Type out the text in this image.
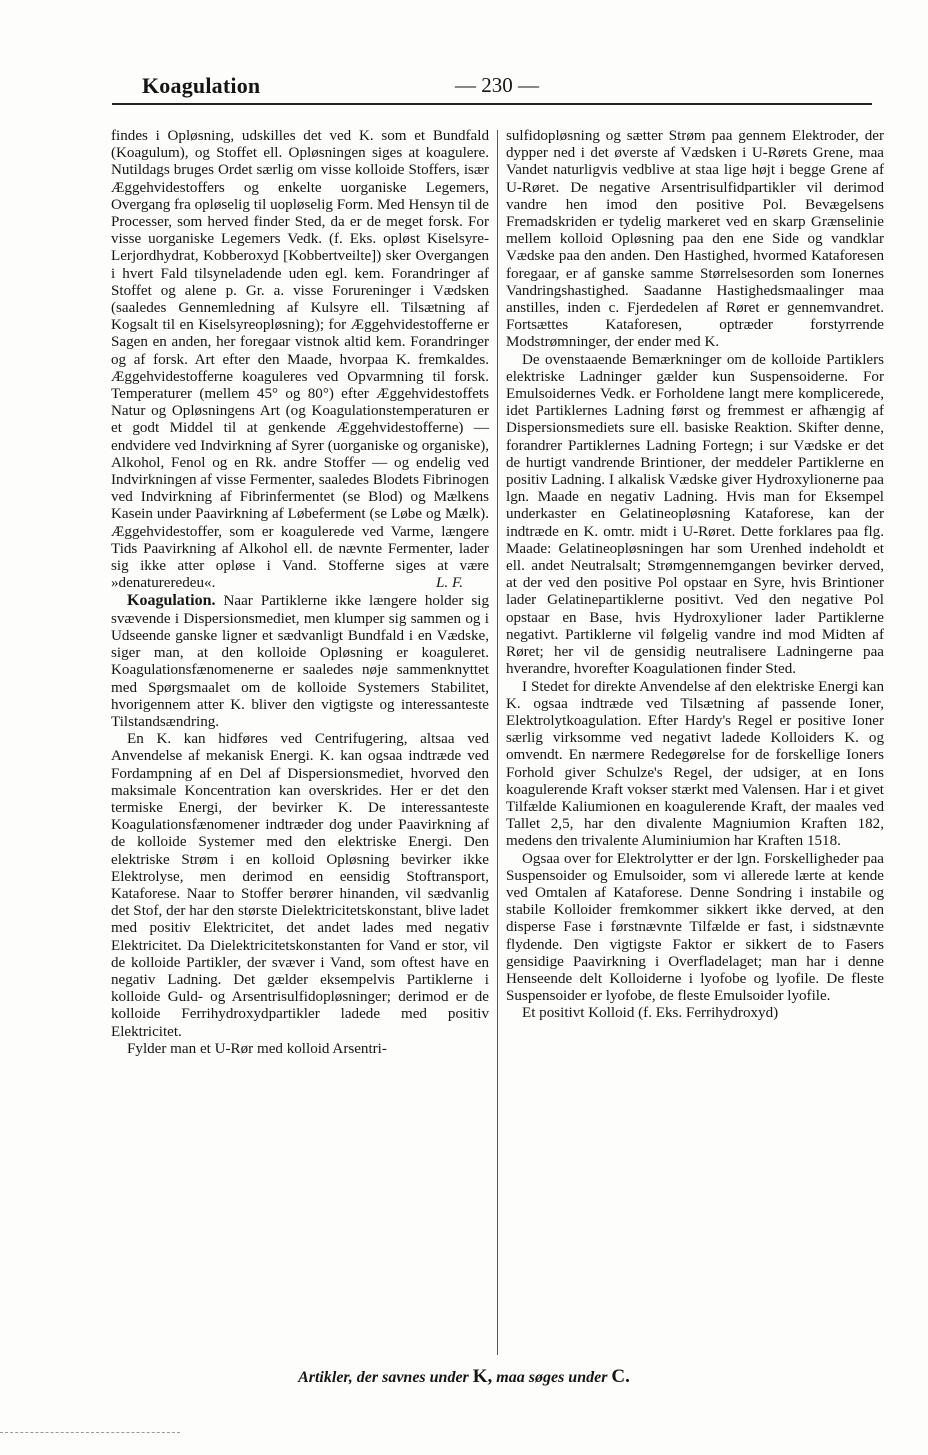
Koagulation	— 230 —

findes i Opløsning, udskilles det ved K. som et Bundfald (Koagulum), og Stoffet ell. Opløsningen siges at koagulere. Nutildags bruges Ordet særlig om visse kolloide Stoffers, især Æggehvidestoffers og enkelte uorganiske Legemers, Overgang fra opløselig til uopløselig Form. Med Hensyn til de Processer, som herved finder Sted, da er de meget forsk. For visse uorganiske Legemers Vedk. (f. Eks. opløst Kiselsyre-Lerjordhydrat, Kobberoxyd [Kobbertveilte]) sker Overgangen i hvert Fald tilsyneladende uden egl. kem. Forandringer af Stoffet og alene p. Gr. a. visse Forureninger i Vædsken (saaledes Gennemledning af Kulsyre ell. Tilsætning af Kogsalt til en Kiselsyreopløsning); for Æggehvidestofferne er Sagen en anden, her foregaar vistnok altid kem. Forandringer og af forsk. Art efter den Maade, hvorpaa K. fremkaldes. Æggehvidestofferne koaguleres ved Opvarmning til forsk. Temperaturer (mellem 45° og 80°) efter Æggehvidestoffets Natur og Opløsningens Art (og Koagulationstemperaturen er et godt Middel til at genkende Æggehvidestofferne) — endvidere ved Indvirkning af Syrer (uorganiske og organiske), Alkohol, Fenol og en Rk. andre Stoffer — og endelig ved Indvirkningen af visse Fermenter, saaledes Blodets Fibrinogen ved Indvirkning af Fibrinfermentet (se Blod) og Mælkens Kasein under Paavirkning af Løbeferment (se Løbe og Mælk). Æggehvidestoffer, som er koagulerede ved Varme, længere Tids Paavirkning af Alkohol ell. de nævnte Fermenter, lader sig ikke atter opløse i Vand. Stofferne siges at være »denatureredeu«.	L. F.

Koagulation. Naar Partiklerne ikke længere holder sig svævende i Dispersionsmediet, men klumper sig sammen og i Udseende ganske ligner et sædvanligt Bundfald i en Vædske, siger man, at den kolloide Opløsning er koaguleret. Koagulationsfænomenerne er saaledes nøje sammenknyttet med Spørgsmaalet om de kolloide Systemers Stabilitet, hvorigennem atter K. bliver den vigtigste og interessanteste Tilstandsændring.

En K. kan hidføres ved Centrifugering, altsaa ved Anvendelse af mekanisk Energi. K. kan ogsaa indtræde ved Fordampning af en Del af Dispersionsmediet, hvorved den maksimale Koncentration kan overskrides. Her er det den termiske Energi, der bevirker K. De interessanteste Koagulationsfænomener indtræder dog under Paavirkning af de kolloide Systemer med den elektriske Energi. Den elektriske Strøm i en kolloid Opløsning bevirker ikke Elektrolyse, men derimod en eensidig Stoftransport, Kataforese. Naar to Stoffer berører hinanden, vil sædvanlig det Stof, der har den største Dielektricitetskonstant, blive ladet med positiv Elektricitet, det andet lades med negativ Elektricitet. Da Dielektricitetskonstanten for Vand er stor, vil de kolloide Partikler, der svæver i Vand, som oftest have en negativ Ladning. Det gælder eksempelvis Partiklerne i kolloide Guld- og Arsentrisulfidopløsninger; derimod er de kolloide Ferrihydroxydpartikler ladede med positiv Elektricitet.

Fylder man et U-Rør med kolloid Arsentri-

sulfidopløsning og sætter Strøm paa gennem Elektroder, der dypper ned i det øverste af Vædsken i U-Rørets Grene, maa Vandet naturligvis vedblive at staa lige højt i begge Grene af U-Røret. De negative Arsentrisulfidpartikler vil derimod vandre hen imod den positive Pol. Bevægelsens Fremadskriden er tydelig markeret ved en skarp Grænselinie mellem kolloid Opløsning paa den ene Side og vandklar Vædske paa den anden. Den Hastighed, hvormed Kataforesen foregaar, er af ganske samme Størrelsesorden som Ionernes Vandringshastighed. Saadanne Hastighedsmaalinger maa anstilles, inden c. Fjerdedelen af Røret er gennemvandret. Fortsættes Kataforesen, optræder forstyrrende Modstrømninger, der ender med K.

De ovenstaaende Bemærkninger om de kolloide Partiklers elektriske Ladninger gælder kun Suspensoiderne. For Emulsoidernes Vedk. er Forholdene langt mere komplicerede, idet Partiklernes Ladning først og fremmest er afhængig af Dispersionsmediets sure ell. basiske Reaktion. Skifter denne, forandrer Partiklernes Ladning Fortegn; i sur Vædske er det de hurtigt vandrende Brintioner, der meddeler Partiklerne en positiv Ladning. I alkalisk Vædske giver Hydroxylionerne paa lgn. Maade en negativ Ladning. Hvis man for Eksempel underkaster en Gelatineopløsning Kataforese, kan der indtræde en K. omtr. midt i U-Røret. Dette forklares paa flg. Maade: Gelatineopløsningen har som Urenhed indeholdt et ell. andet Neutralsalt; Strømgennemgangen bevirker derved, at der ved den positive Pol opstaar en Syre, hvis Brintioner lader Gelatinepartiklerne positivt. Ved den negative Pol opstaar en Base, hvis Hydroxylioner lader Partiklerne negativt. Partiklerne vil følgelig vandre ind mod Midten af Røret; her vil de gensidig neutralisere Ladningerne paa hverandre, hvorefter Koagulationen finder Sted.

I Stedet for direkte Anvendelse af den elektriske Energi kan K. ogsaa indtræde ved Tilsætning af passende Ioner, Elektrolytkoagulation. Efter Hardy's Regel er positive Ioner særlig virksomme ved negativt ladede Kolloiders K. og omvendt. En nærmere Redegørelse for de forskellige Ioners Forhold giver Schulze's Regel, der udsiger, at en Ions koagulerende Kraft vokser stærkt med Valensen. Har i et givet Tilfælde Kaliumionen en koagulerende Kraft, der maales ved Tallet 2,5, har den divalente Magniumion Kraften 182, medens den trivalente Aluminiumion har Kraften 1518.

Ogsaa over for Elektrolytter er der lgn. Forskelligheder paa Suspensoider og Emulsoider, som vi allerede lærte at kende ved Omtalen af Kataforese. Denne Sondring i instabile og stabile Kolloider fremkommer sikkert ikke derved, at den disperse Fase i førstnævnte Tilfælde er fast, i sidstnævnte flydende. Den vigtigste Faktor er sikkert de to Fasers gensidige Paavirkning i Overfladelaget; man har i denne Henseende delt Kolloiderne i lyofobe og lyofile. De fleste Suspensoider er lyofobe, de fleste Emulsoider lyofile.

Et positivt Kolloid (f. Eks. Ferrihydroxyd)

Artikler, der savnes under K, maa søges under C.
